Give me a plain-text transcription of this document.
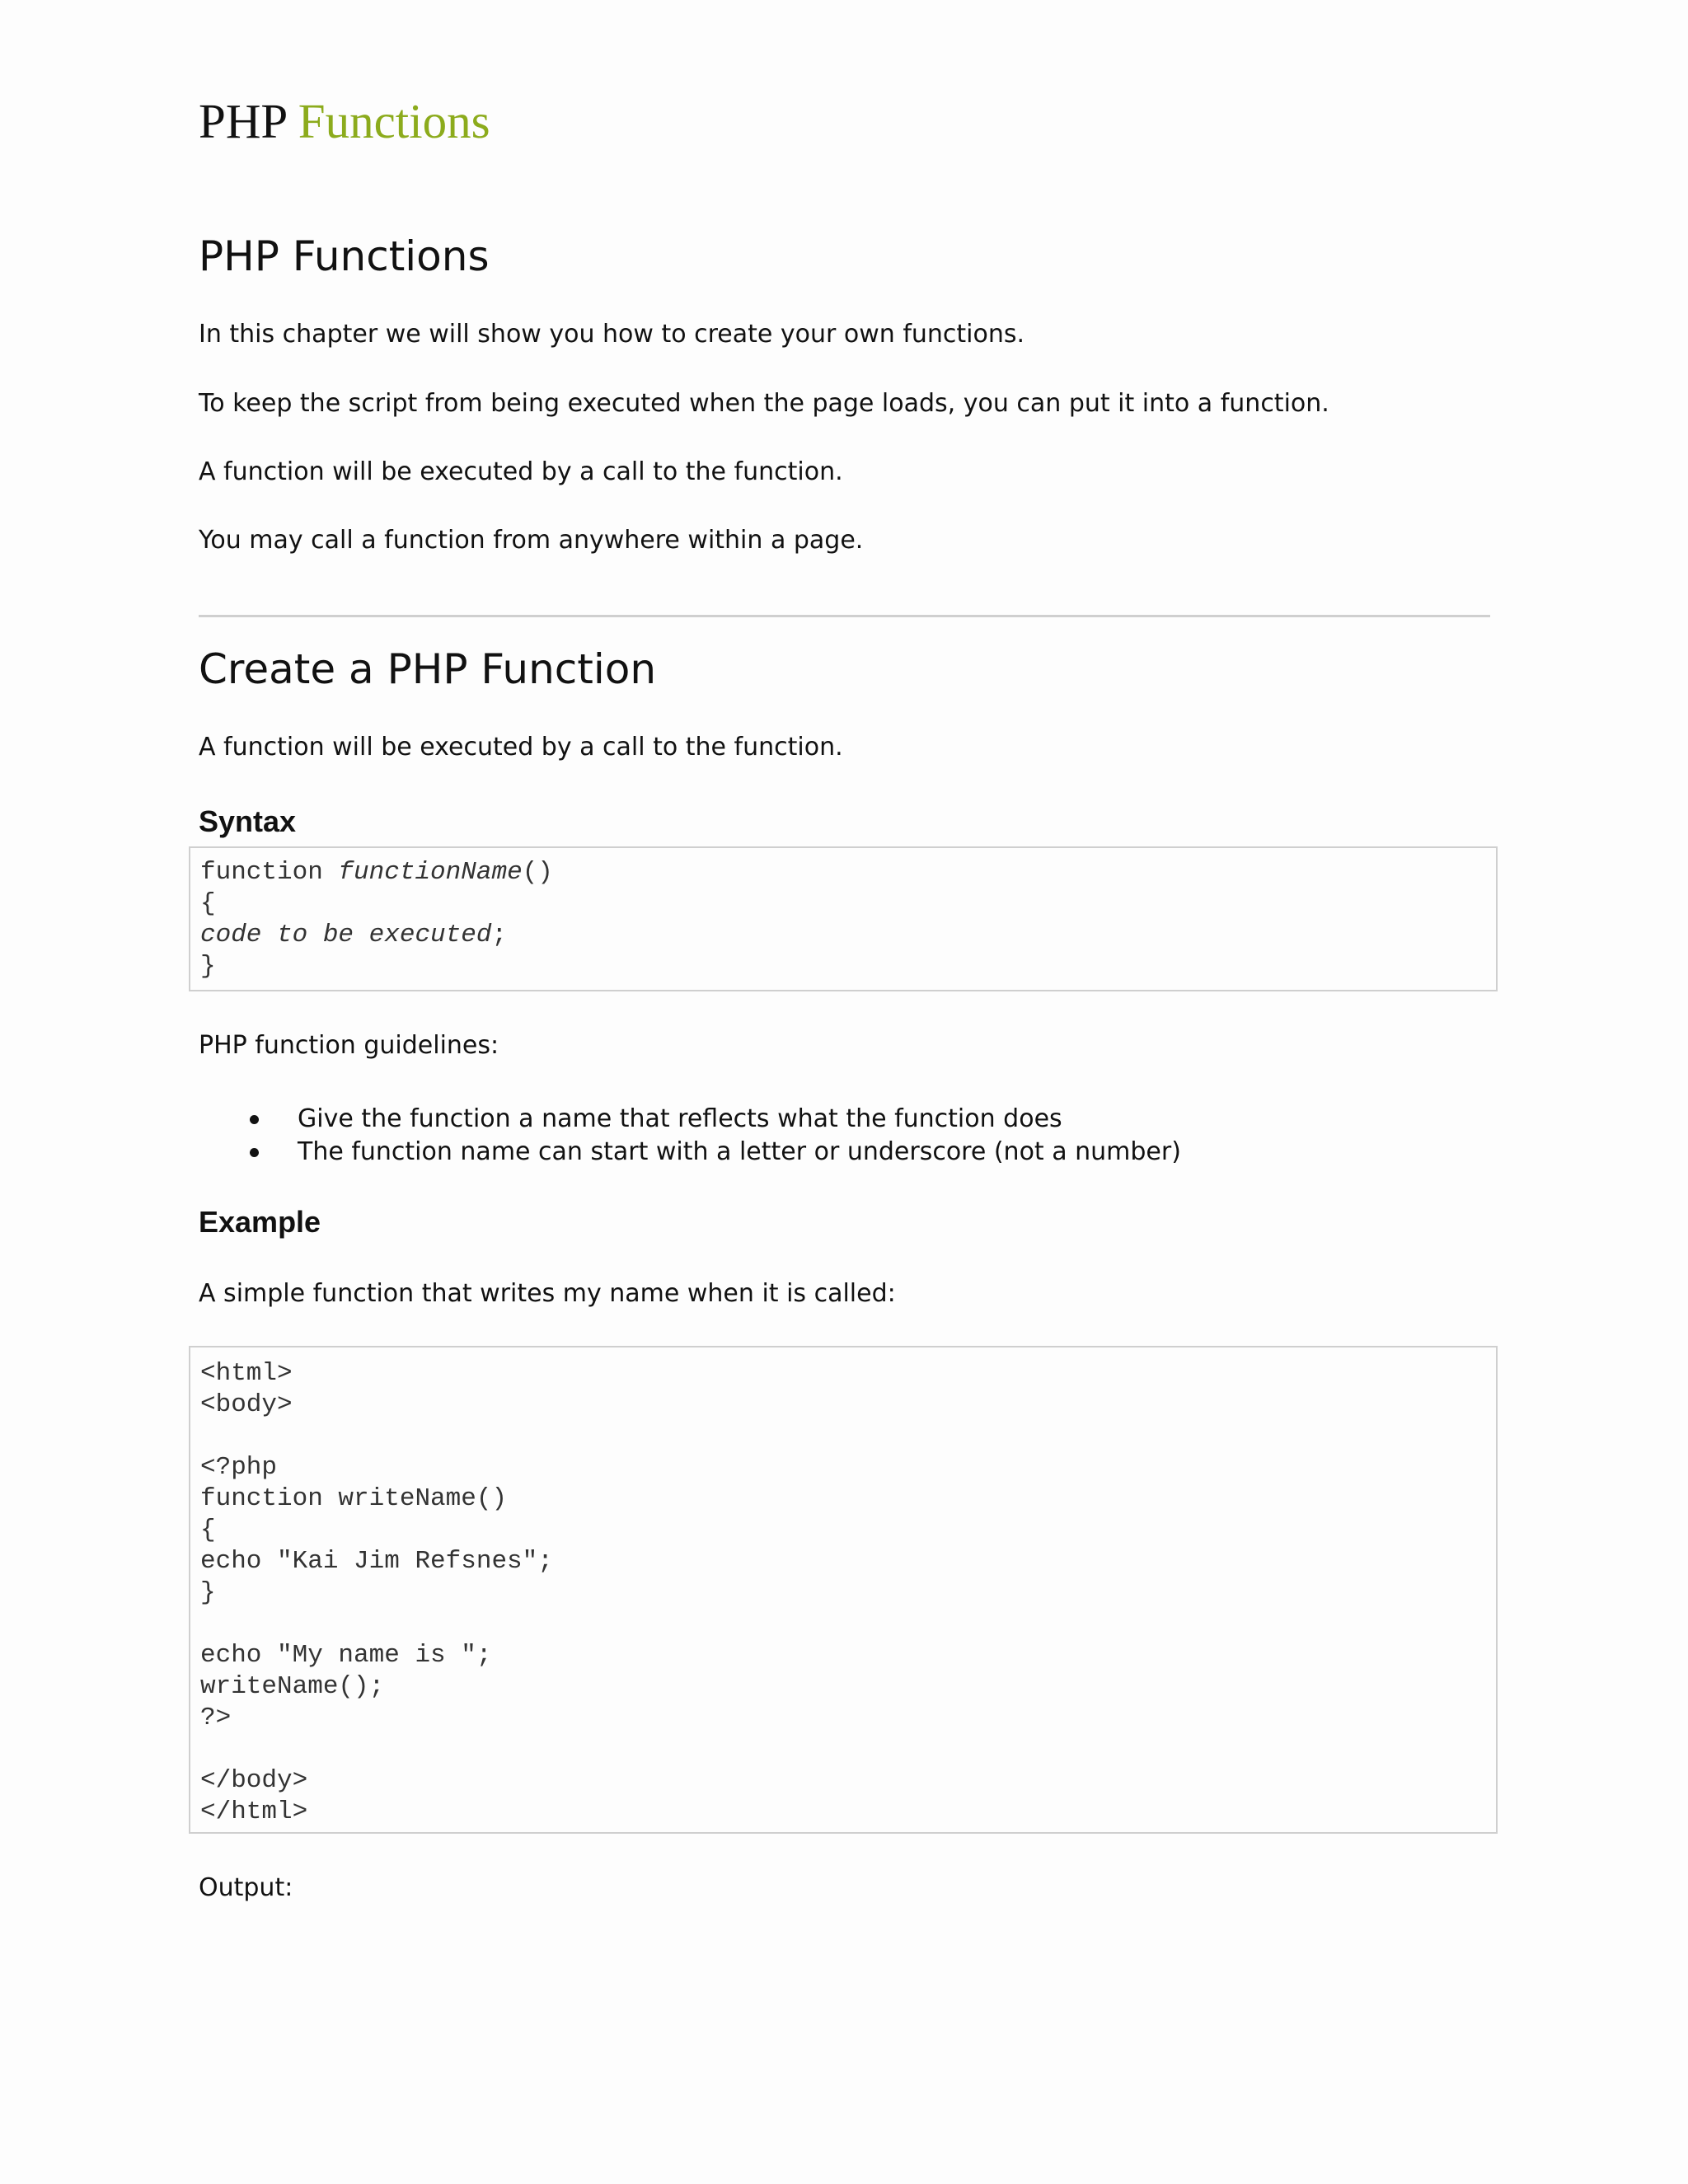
PHP Functions
PHP Functions

In this chapter we will show you how to create your own functions.

To keep the script from being executed when the page loads, you can put it into a function.

A function will be executed by a call to the function.

You may call a function from anywhere within a page.

Create a PHP Function

A function will be executed by a call to the function.

Syntax
function functionName()
{
code to be executed;
}

PHP function guidelines:

Give the function a name that reflects what the function does
The function name can start with a letter or underscore (not a number)
Example

A simple function that writes my name when it is called:

<html>
<body>
<?php
function writeName()
{
echo "Kai Jim Refsnes";
}
echo "My name is ";
writeName();
?>
</body>
</html>

Output:
